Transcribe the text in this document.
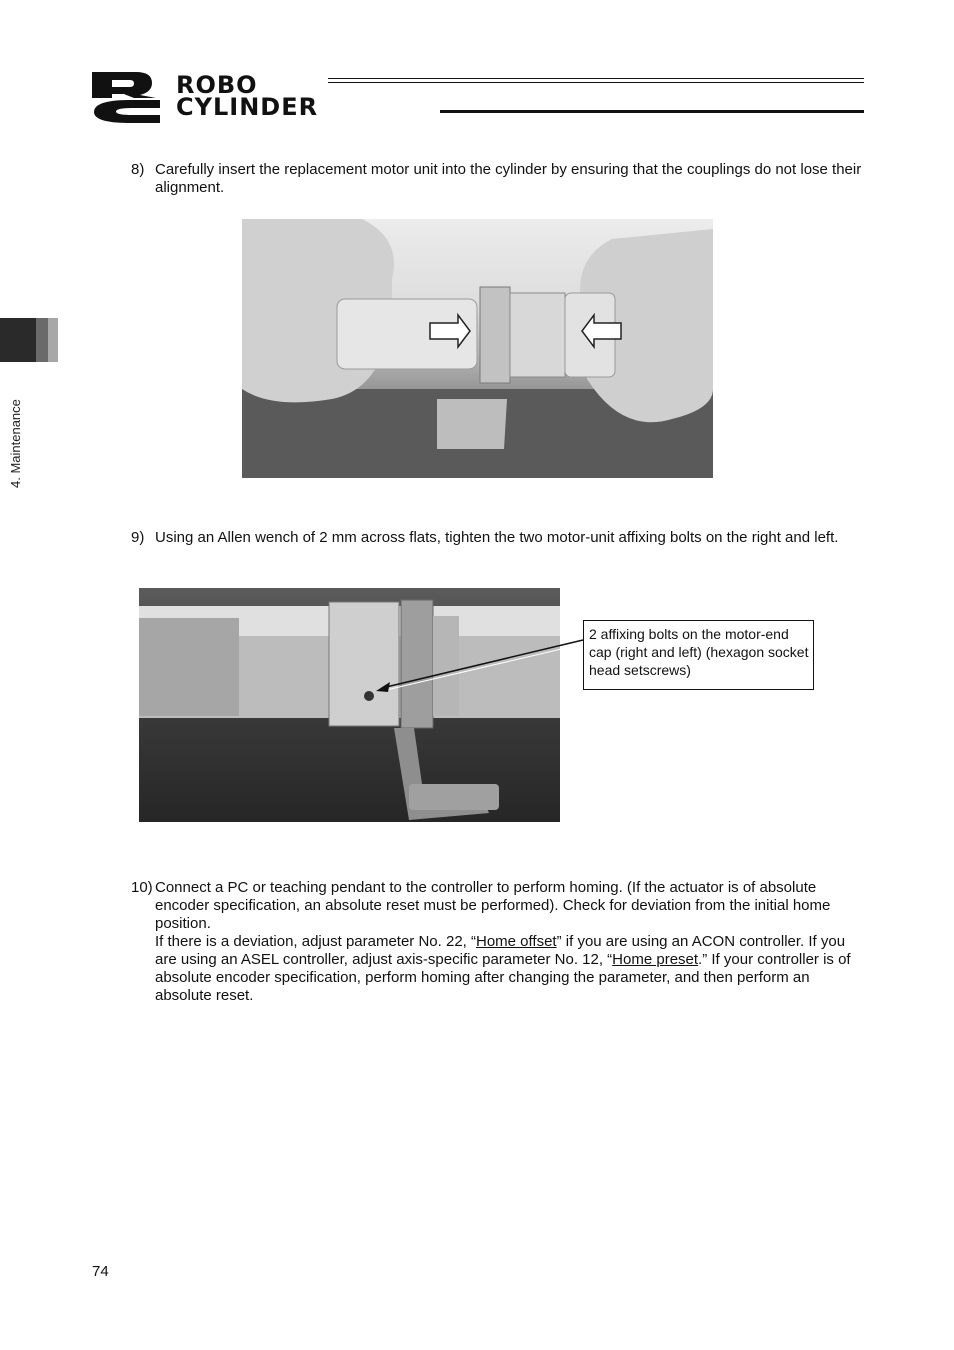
ROBO
CYLINDER
4. Maintenance
8) Carefully insert the replacement motor unit into the cylinder by ensuring that the couplings do not lose their alignment.

9) Using an Allen wench of 2 mm across flats, tighten the two motor-unit affixing bolts on the right and left.

2 affixing bolts on the motor-end cap (right and left) (hexagon socket head setscrews)
10) Connect a PC or teaching pendant to the controller to perform homing. (If the actuator is of absolute encoder specification, an absolute reset must be performed). Check for deviation from the initial home position.

If there is a deviation, adjust parameter No. 22, “Home offset” if you are using an ACON controller. If you are using an ASEL controller, adjust axis-specific parameter No. 12, “Home preset.” If your controller is of absolute encoder specification, perform homing after changing the parameter, and then perform an absolute reset.

74
